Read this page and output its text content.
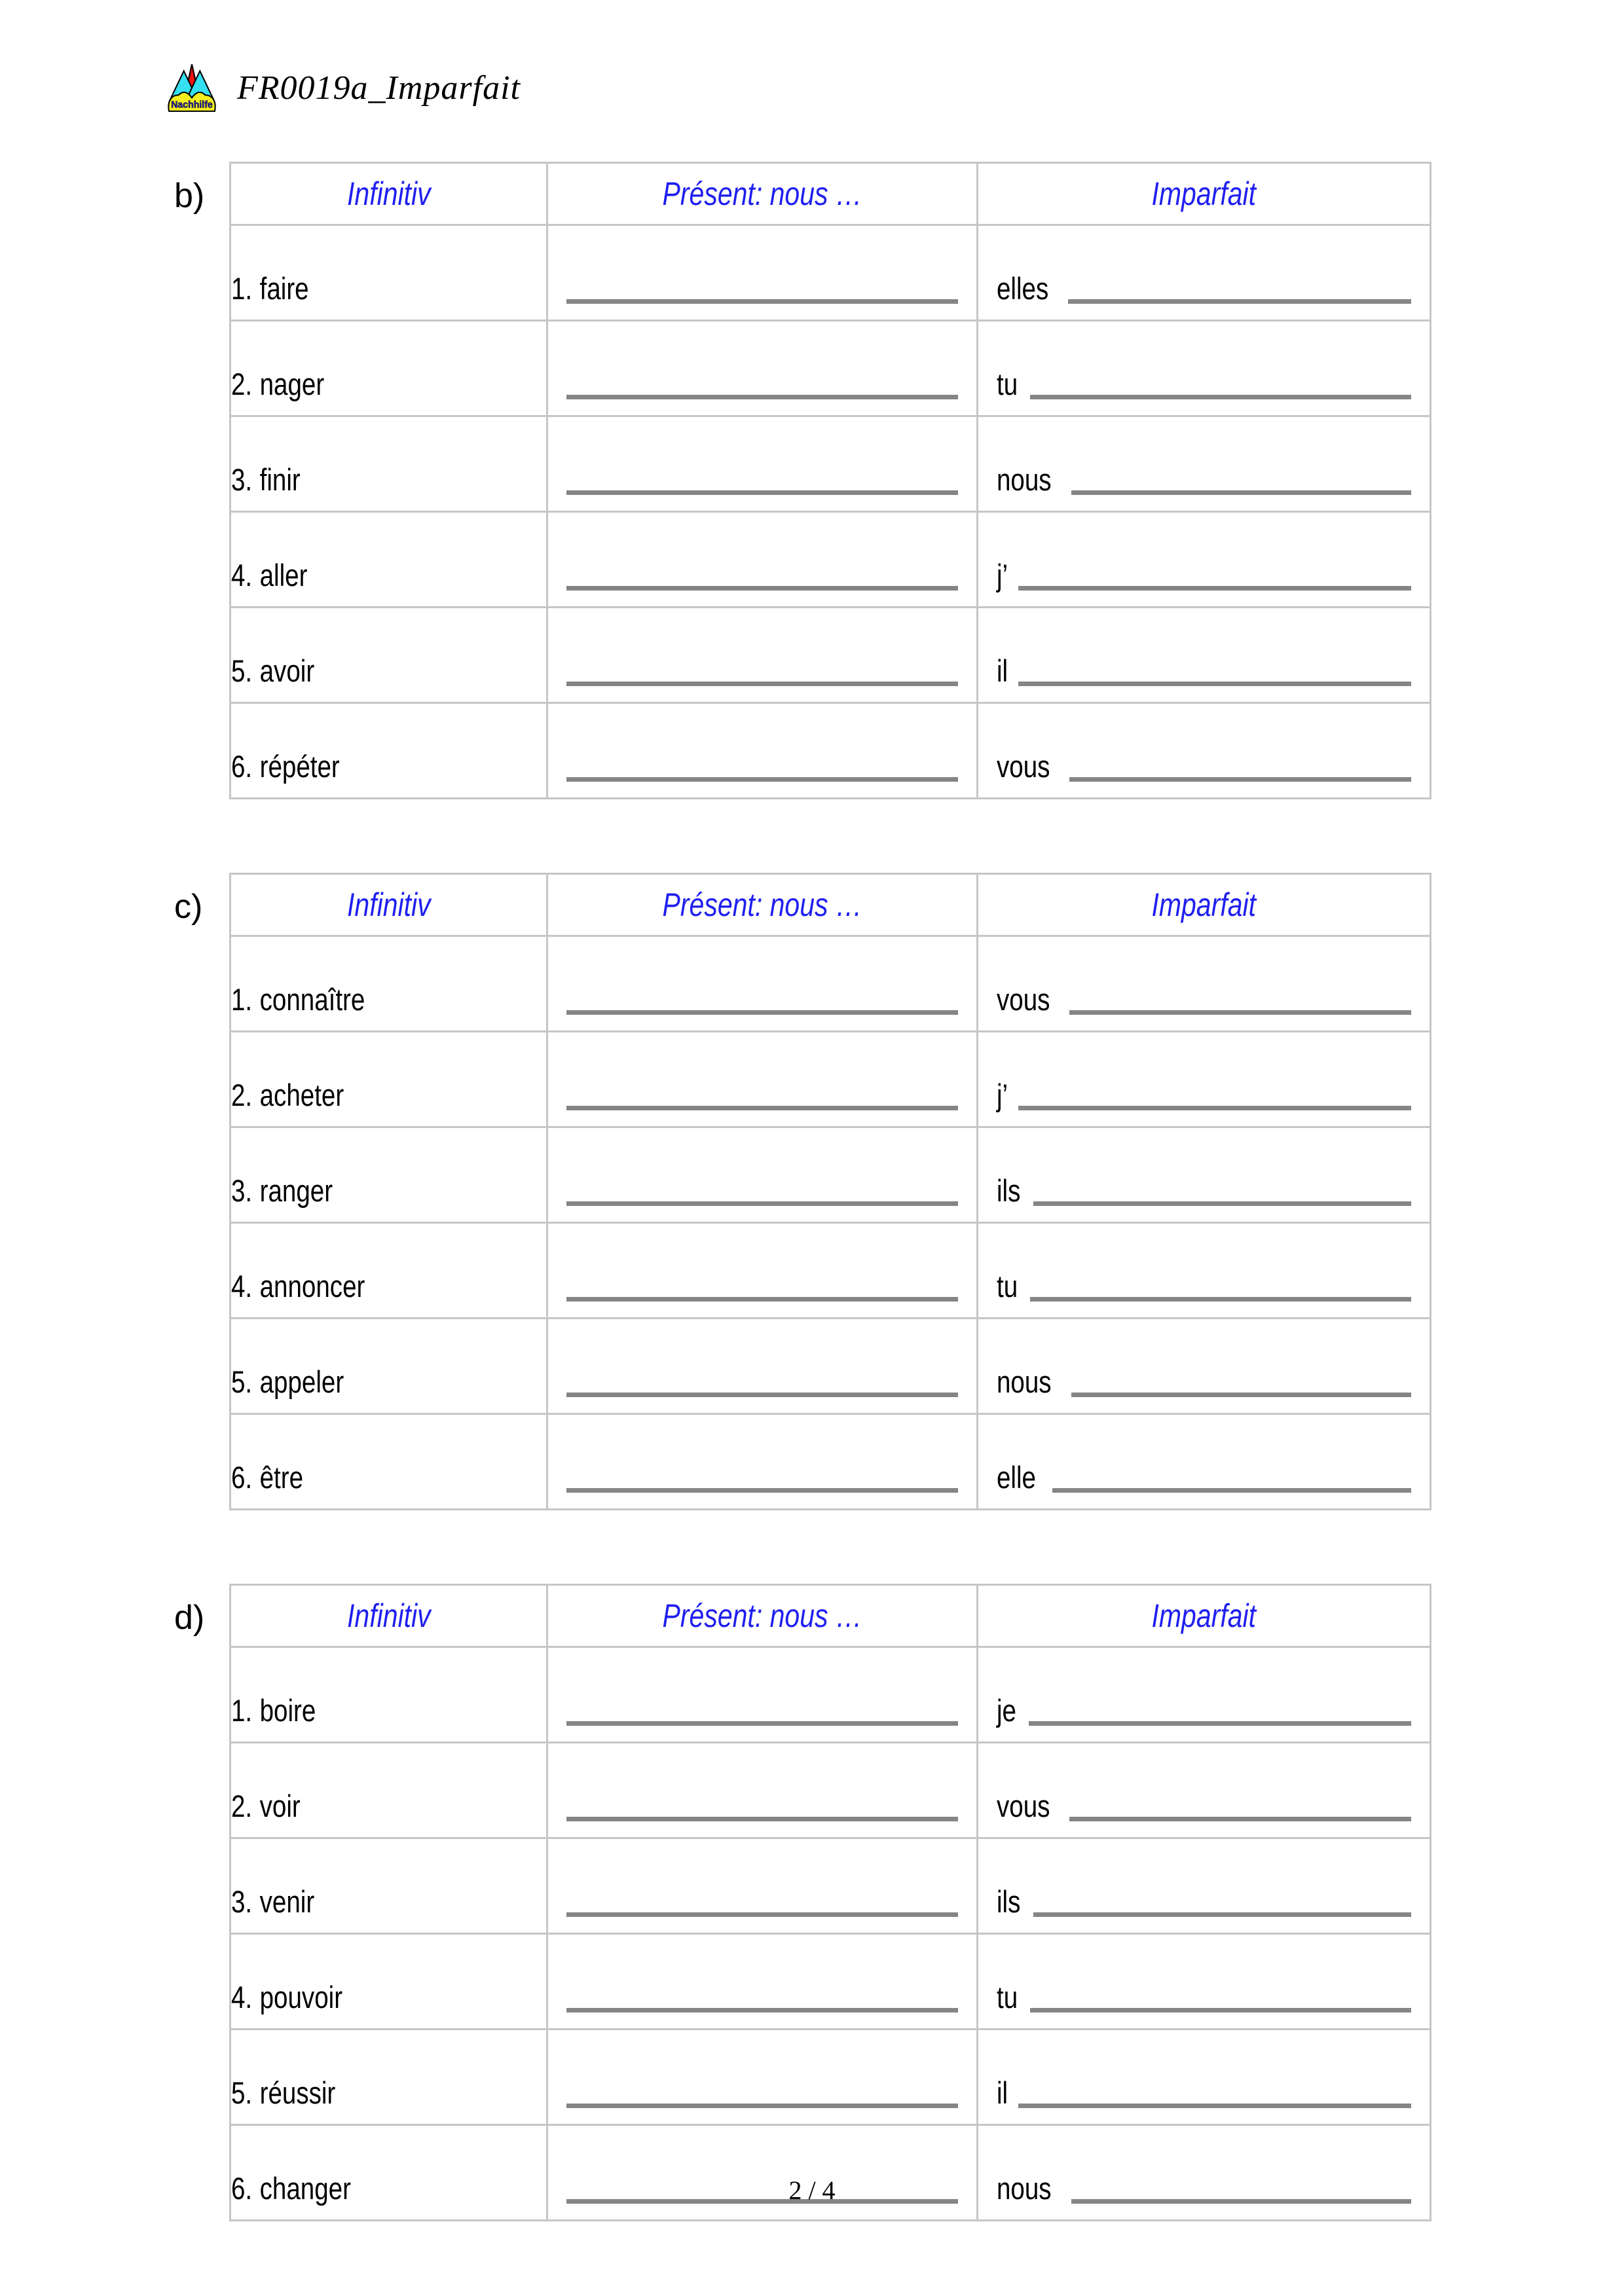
Nachhilfe FR0019a_Imparfait
b)	Infinitiv	Présent: nous …	Imparfait
1. faire		elles

2. nager		tu

3. finir		nous

4. aller		j’

5. avoir		il

6. répéter		vous
c)	Infinitiv	Présent: nous …	Imparfait
1. connaître		vous

2. acheter		j’

3. ranger		ils

4. annoncer		tu

5. appeler		nous

6. être		elle
d)	Infinitiv	Présent: nous …	Imparfait
1. boire		je

2. voir		vous

3. venir		ils

4. pouvoir		tu

5. réussir		il

6. changer		nous
2 / 4
